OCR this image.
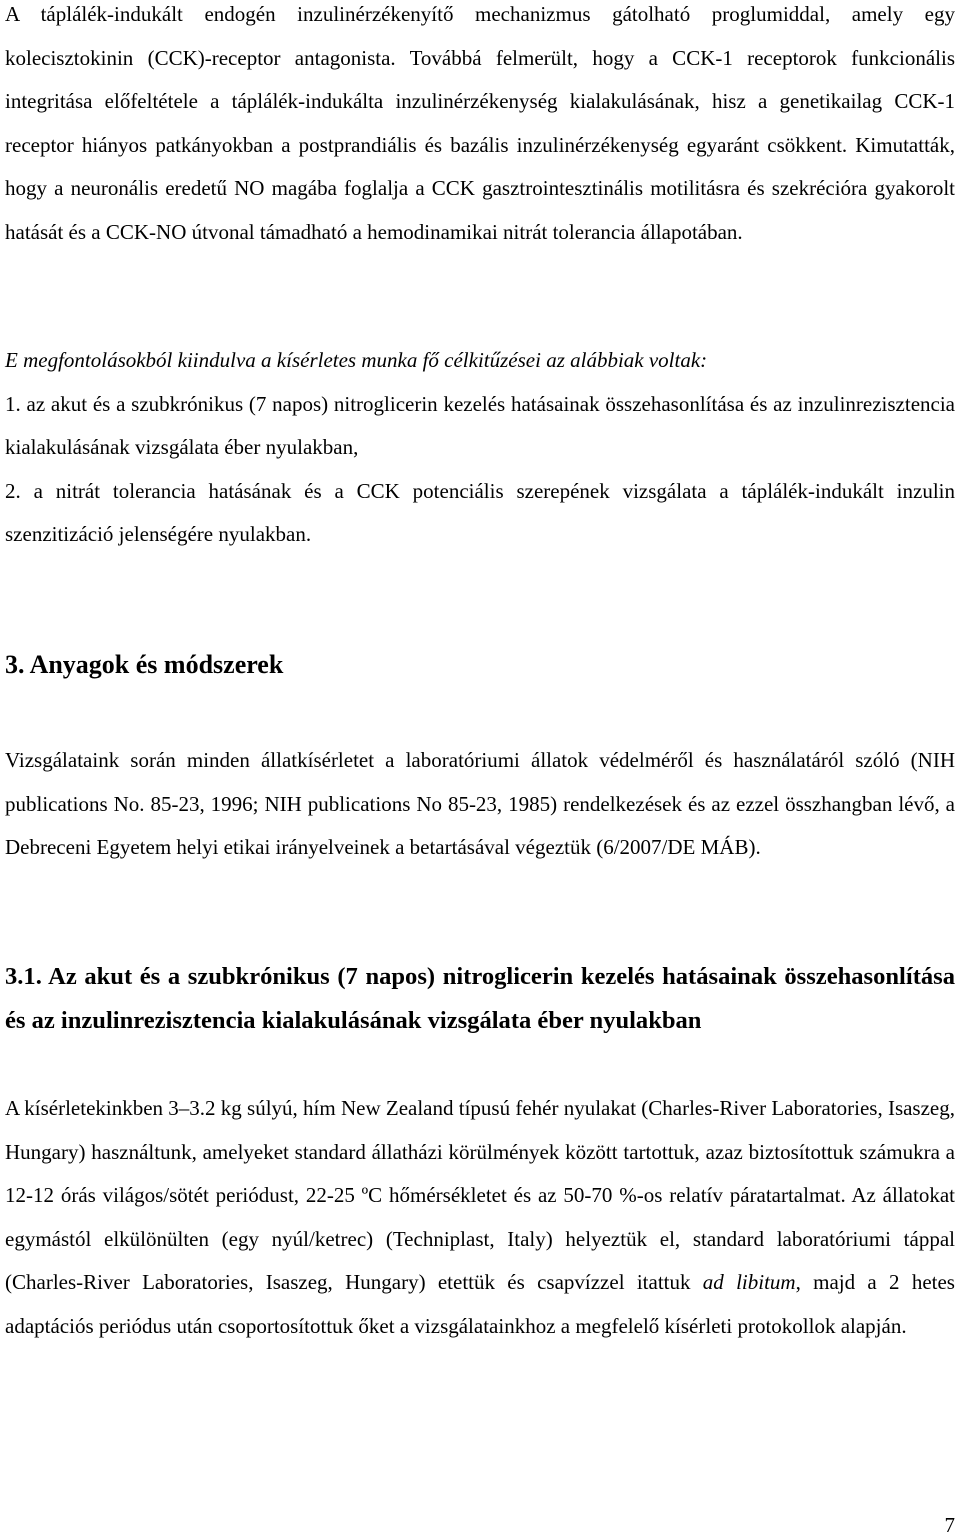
A táplálék-indukált endogén inzulinérzékenyítő mechanizmus gátolható proglumiddal, amely egy kolecisztokinin (CCK)-receptor antagonista. Továbbá felmerült, hogy a CCK-1 receptorok funkcionális integritása előfeltétele a táplálék-indukálta inzulinérzékenység kialakulásának, hisz a genetikailag CCK-1 receptor hiányos patkányokban a postprandiális és bazális inzulinérzékenység egyaránt csökkent. Kimutatták, hogy a neuronális eredetű NO magába foglalja a CCK gasztrointesztinális motilitásra és szekrécióra gyakorolt hatását és a CCK-NO útvonal támadható a hemodinamikai nitrát tolerancia állapotában.

E megfontolásokból kiindulva a kísérletes munka fő célkitűzései az alábbiak voltak:

1. az akut és a szubkrónikus (7 napos) nitroglicerin kezelés hatásainak összehasonlítása és az inzulinrezisztencia kialakulásának vizsgálata éber nyulakban,

2. a nitrát tolerancia hatásának és a CCK potenciális szerepének vizsgálata a táplálék-indukált inzulin szenzitizáció jelenségére nyulakban.

3. Anyagok és módszerek

Vizsgálataink során minden állatkísérletet a laboratóriumi állatok védelméről és használatáról szóló (NIH publications No. 85-23, 1996; NIH publications No 85-23, 1985) rendelkezések és az ezzel összhangban lévő, a Debreceni Egyetem helyi etikai irányelveinek a betartásával végeztük (6/2007/DE MÁB).

3.1. Az akut és a szubkrónikus (7 napos) nitroglicerin kezelés hatásainak összehasonlítása és az inzulinrezisztencia kialakulásának vizsgálata éber nyulakban

A kísérletekinkben 3–3.2 kg súlyú, hím New Zealand típusú fehér nyulakat (Charles-River Laboratories, Isaszeg, Hungary) használtunk, amelyeket standard állatházi körülmények között tartottuk, azaz biztosítottuk számukra a 12-12 órás világos/sötét periódust, 22-25 ºC hőmérsékletet és az 50-70 %-os relatív páratartalmat. Az állatokat egymástól elkülönülten (egy nyúl/ketrec) (Techniplast, Italy) helyeztük el, standard laboratóriumi táppal (Charles-River Laboratories, Isaszeg, Hungary) etettük és csapvízzel itattuk ad libitum, majd a 2 hetes adaptációs periódus után csoportosítottuk őket a vizsgálatainkhoz a megfelelő kísérleti protokollok alapján.

7
